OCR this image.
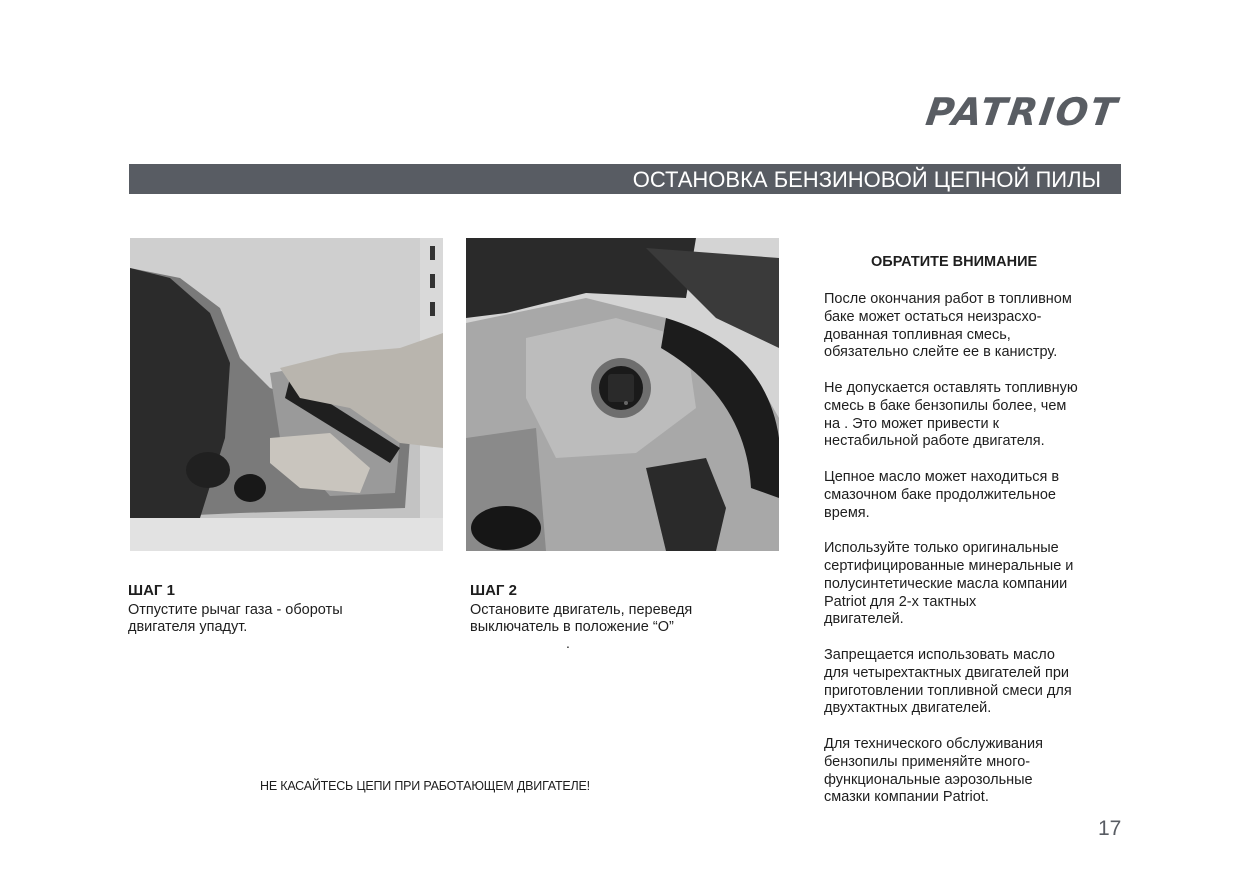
PATRIOT
ОСТАНОВКА БЕНЗИНОВОЙ ЦЕПНОЙ ПИЛЫ
ШАГ 1
Отпустите рычаг газа - обороты
двигателя упадут.
ШАГ 2
Остановите двигатель, переведя
выключатель в положение “О”
.
НЕ КАСАЙТЕСЬ ЦЕПИ ПРИ РАБОТАЮЩЕМ ДВИГАТЕЛЕ!
ОБРАТИТЕ ВНИМАНИЕ

После окончания работ в топливном
баке может остаться неизрасхо-
дованная топливная смесь,
обязательно слейте ее в канистру.

Не допускается оставлять топливную
смесь в баке бензопилы более, чем
на . Это может привести к
нестабильной работе двигателя.

Цепное масло может находиться в
смазочном баке продолжительное
время.

Используйте только оригинальные
сертифицированные минеральные и
полусинтетические масла компании
Patriot для 2-х тактных
двигателей.

Запрещается использовать масло
для четырехтактных двигателей при
приготовлении топливной смеси для
двухтактных двигателей.

Для технического обслуживания
бензопилы применяйте много-
функциональные аэрозольные
смазки компании Patriot.

17
